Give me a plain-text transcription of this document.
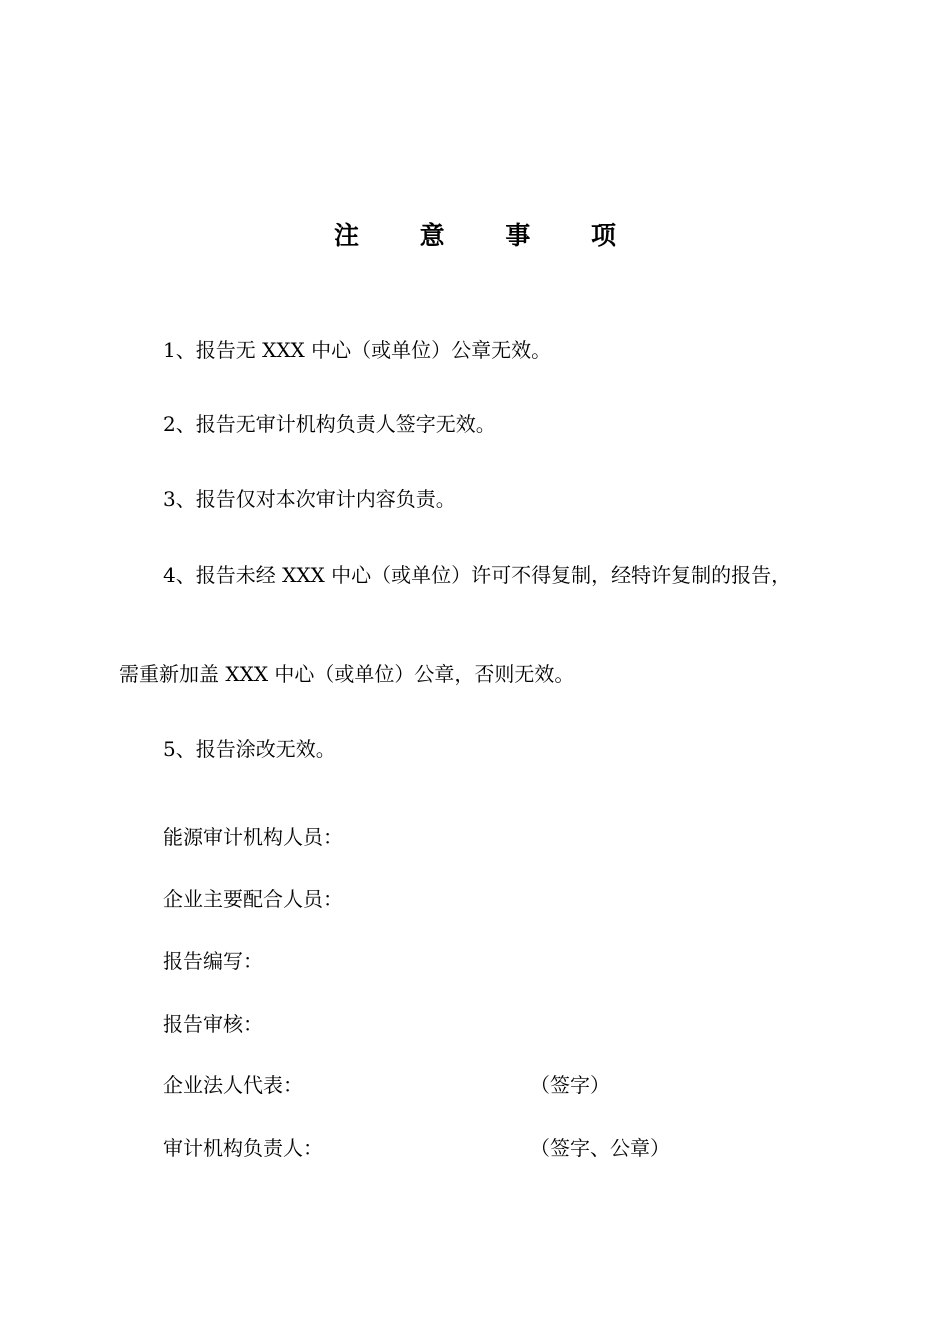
注 意 事 项
1、报告无 XXX 中心（或单位）公章无效。
2、报告无审计机构负责人签字无效。
3、报告仅对本次审计内容负责。
4、报告未经 XXX 中心（或单位）许可不得复制，经特许复制的报告，
需重新加盖 XXX 中心（或单位）公章，否则无效。
5、报告涂改无效。
能源审计机构人员：
企业主要配合人员：
报告编写：
报告审核：
企业法人代表：	（签字）
审计机构负责人：	（签字、公章）
